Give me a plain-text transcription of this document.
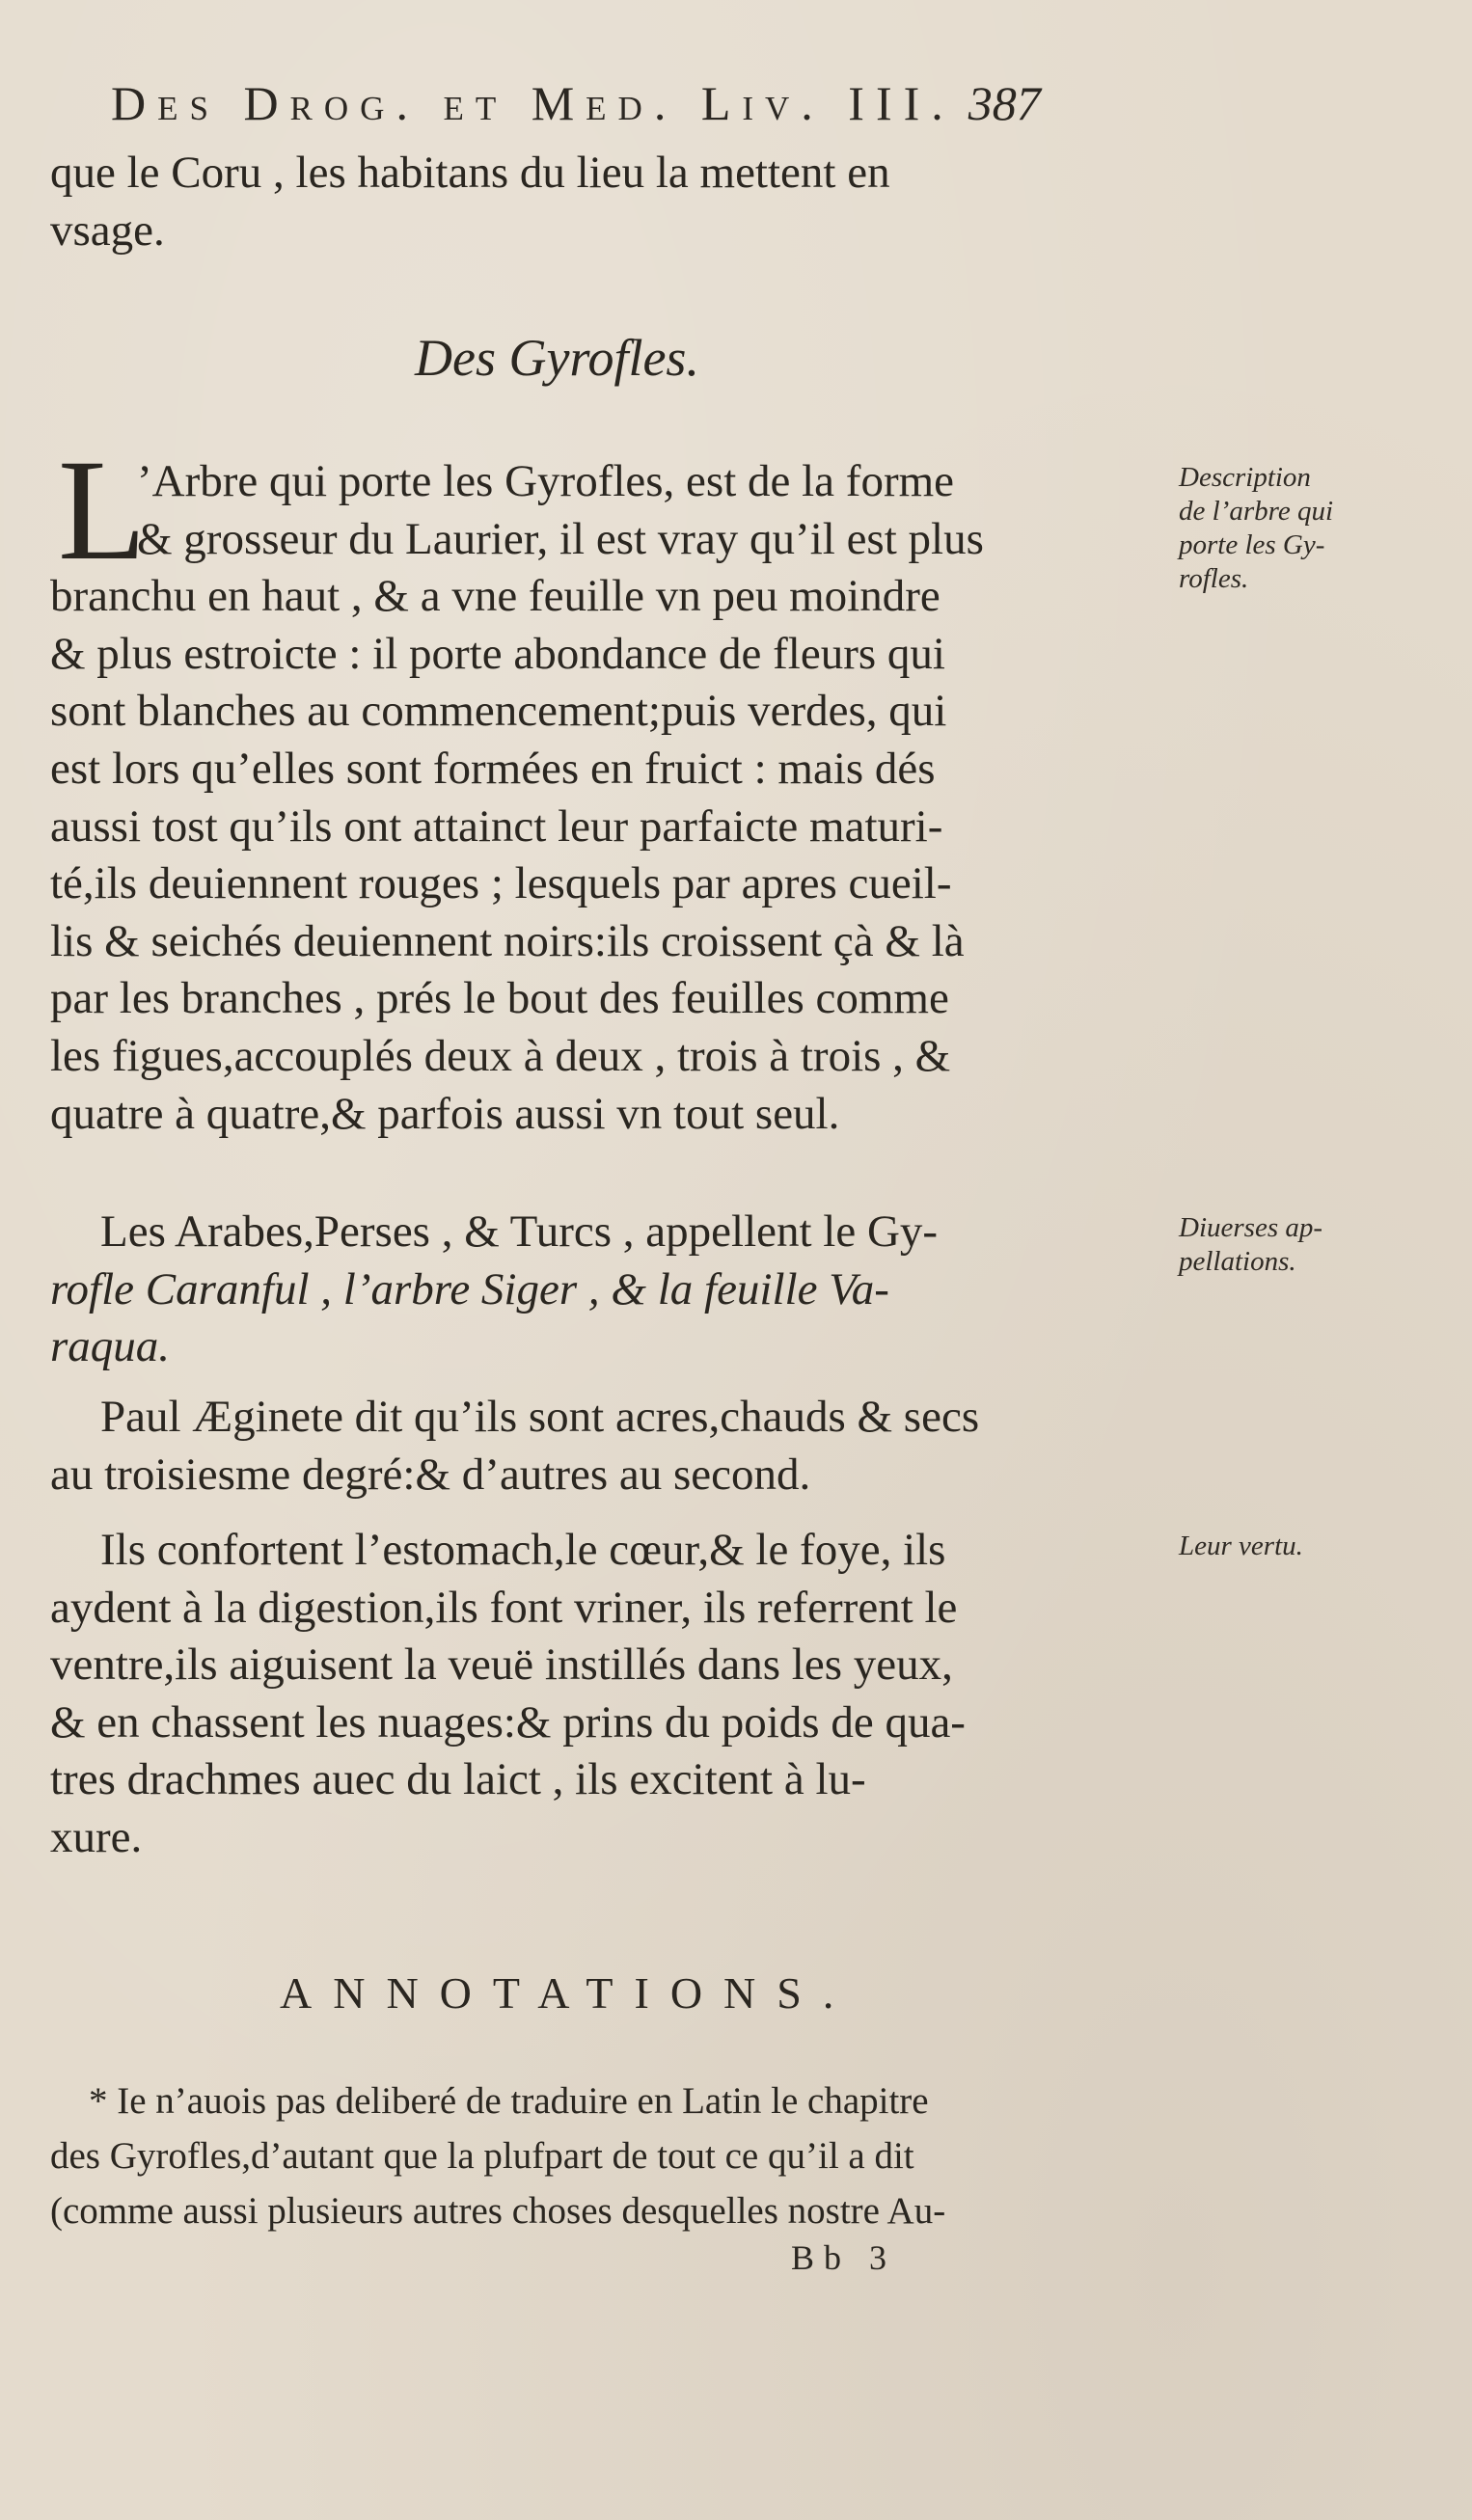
Des Drog. et Med. Liv. III. 387
que le Coru , les habitans du lieu la mettent en
vsage.
Des Gyrofles.
L
’Arbre qui porte les Gyrofles, est de la forme
& grosseur du Laurier, il est vray qu’il est plus
branchu en haut , & a vne feuille vn peu moindre
& plus estroicte : il porte abondance de fleurs qui
sont blanches au commencement;puis verdes, qui
est lors qu’elles sont formées en fruict : mais dés
aussi tost qu’ils ont attainct leur parfaicte maturi-
té,ils deuiennent rouges ; lesquels par apres cueil-
lis & seichés deuiennent noirs:ils croissent çà & là
par les branches , prés le bout des feuilles comme
les figues,accouplés deux à deux , trois à trois , &
quatre à quatre,& parfois aussi vn tout seul.
Les Arabes,Perses , & Turcs , appellent le Gy-
rofle Caranful , l’arbre Siger , & la feuille Va-
raqua.
Paul Æginete dit qu’ils sont acres,chauds & secs
au troisiesme degré:& d’autres au second.
Ils confortent l’estomach,le cœur,& le foye, ils
aydent à la digestion,ils font vriner, ils referrent le
ventre,ils aiguisent la veuë instillés dans les yeux,
& en chassent les nuages:& prins du poids de qua-
tres drachmes auec du laict , ils excitent à lu-
xure.
Description
de l’arbre qui
porte les Gy-
rofles.
Diuerses ap-
pellations.
Leur vertu.
ANNOTATIONS.
* Ie n’auois pas deliberé de traduire en Latin le chapitre
des Gyrofles,d’autant que la plufpart de tout ce qu’il a dit
(comme aussi plusieurs autres choses desquelles nostre Au-
Bb 3
